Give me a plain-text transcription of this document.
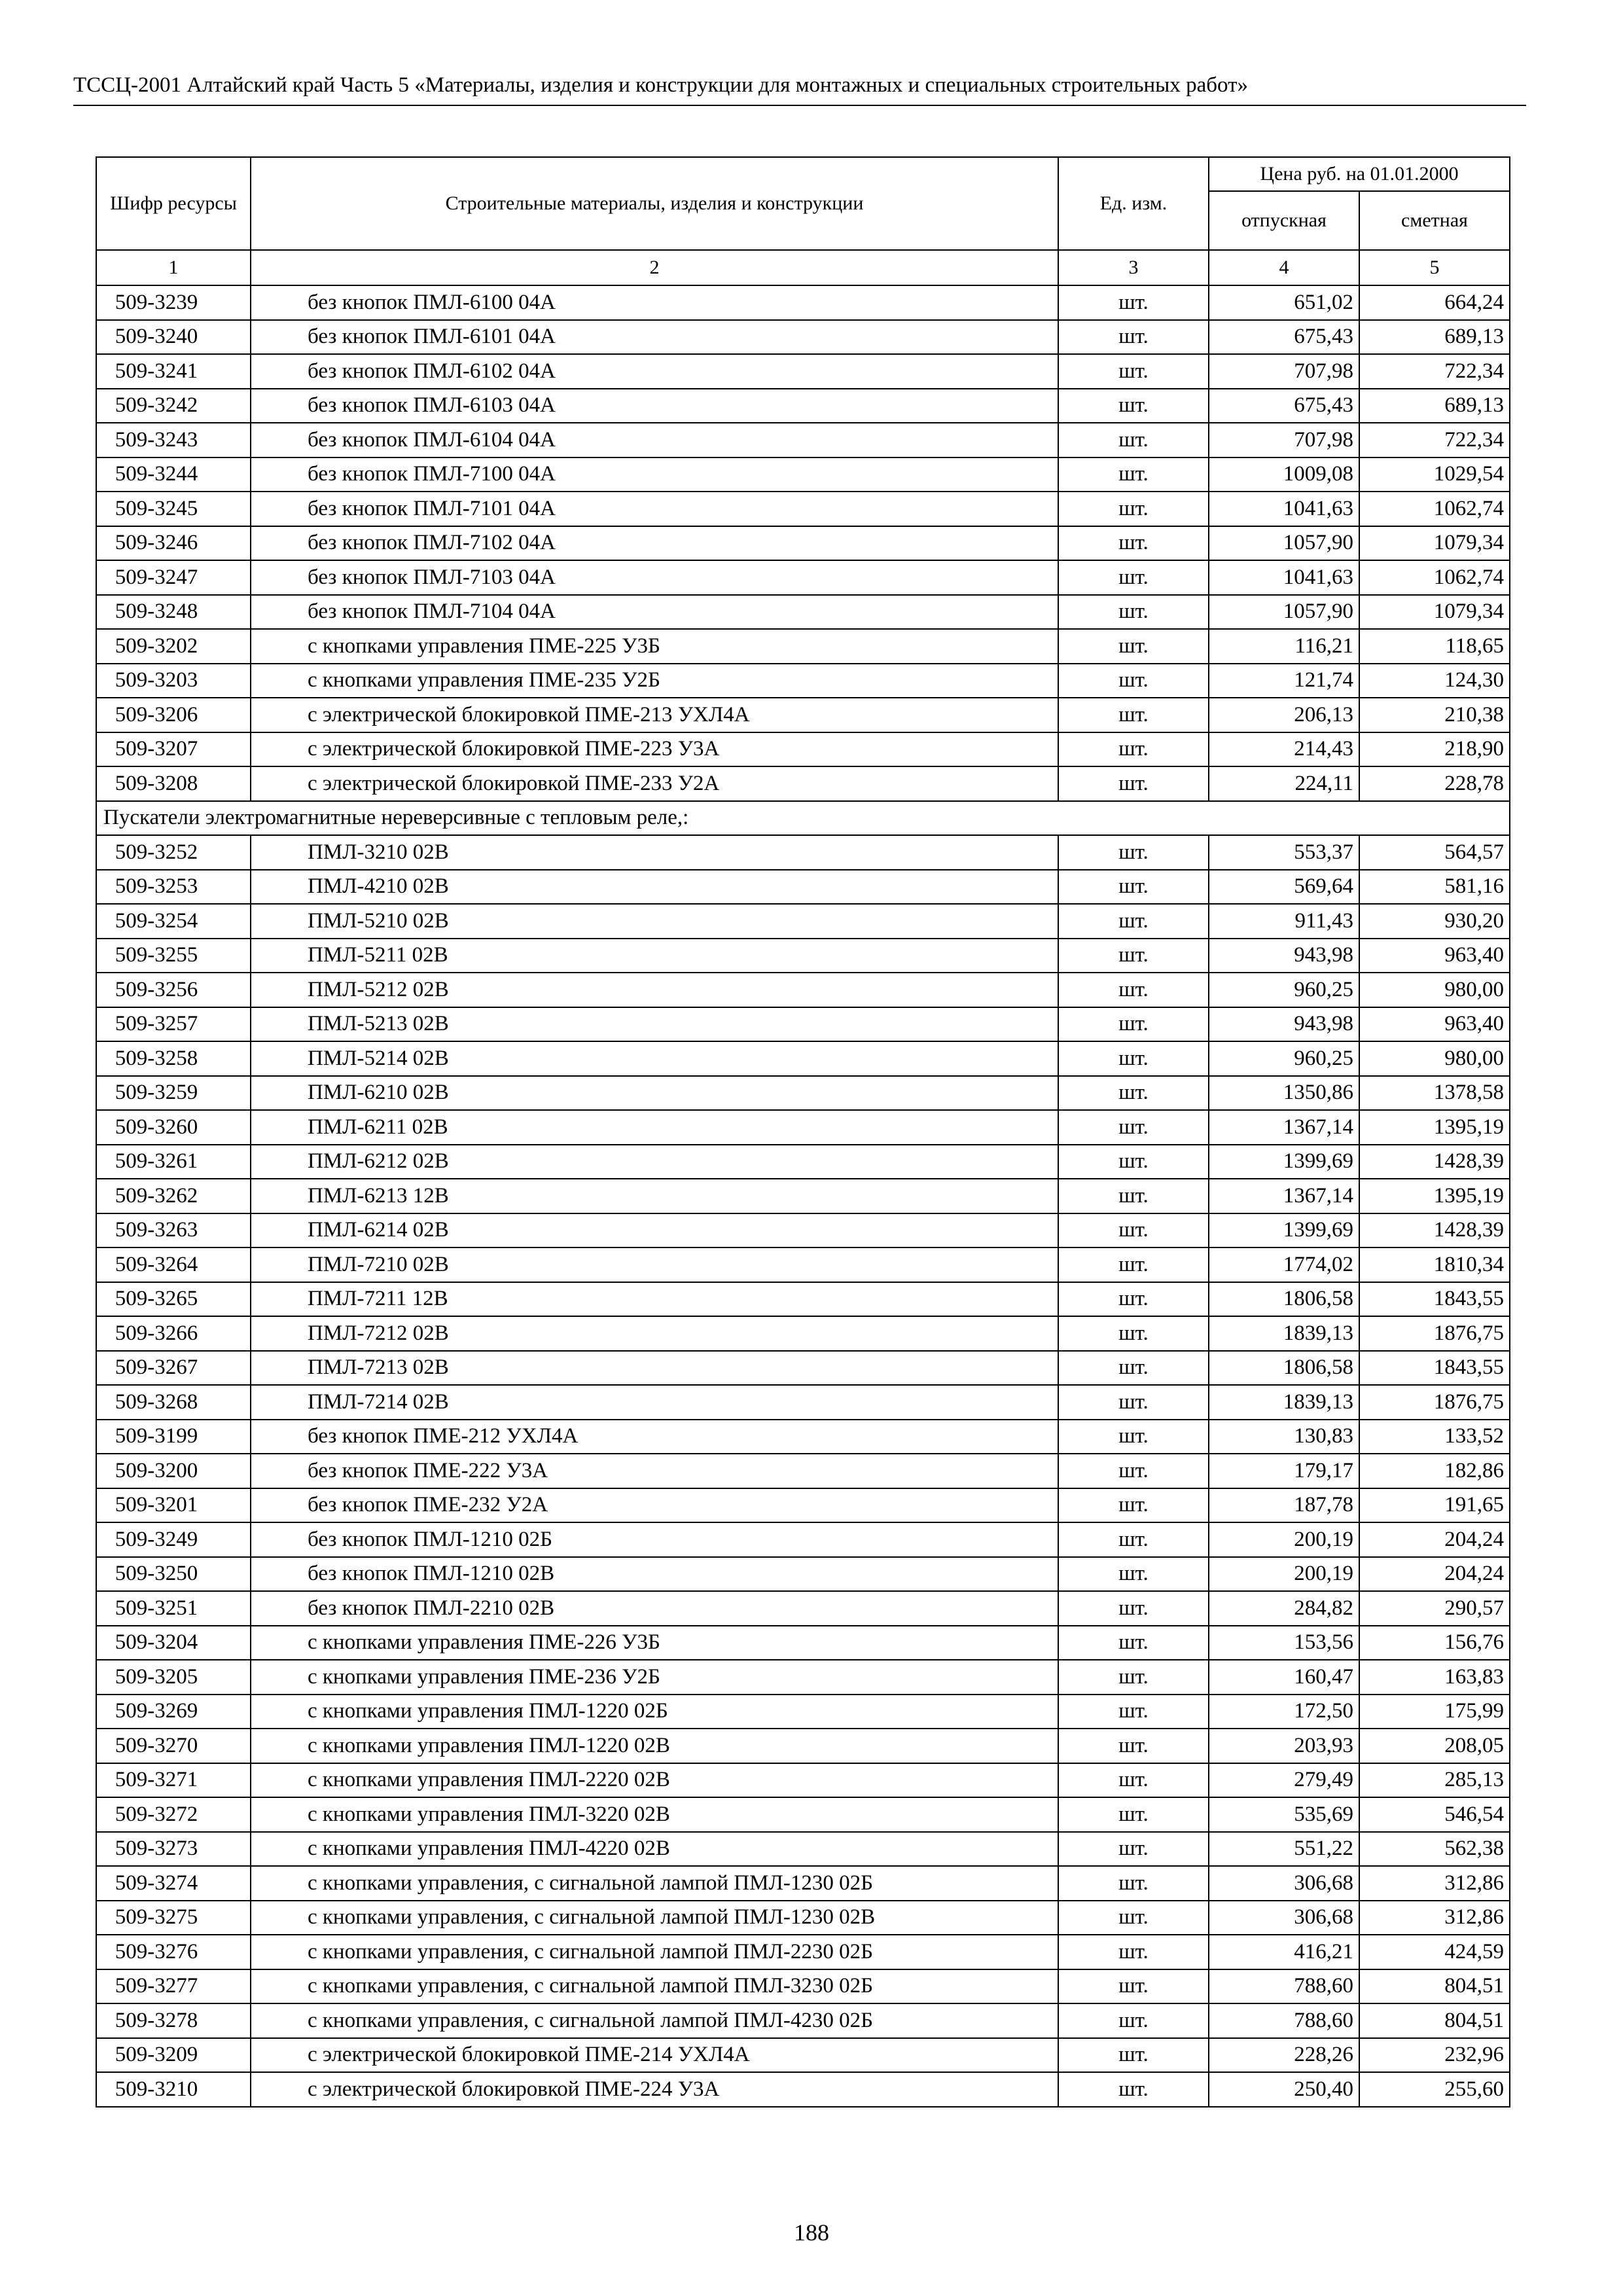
ТССЦ-2001 Алтайский край Часть 5 «Материалы, изделия и конструкции для монтажных и специальных строительных работ»
Шифр ресурсы	Строительные материалы, изделия и конструкции	Ед. изм.	Цена руб. на 01.01.2000	
			отпускная	сметная
1	2	3	4	5
509-3239	без кнопок ПМЛ-6100 04А	шт.	651,02	664,24
509-3240	без кнопок ПМЛ-6101 04А	шт.	675,43	689,13
509-3241	без кнопок ПМЛ-6102 04А	шт.	707,98	722,34
509-3242	без кнопок ПМЛ-6103 04А	шт.	675,43	689,13
509-3243	без кнопок ПМЛ-6104 04А	шт.	707,98	722,34
509-3244	без кнопок ПМЛ-7100 04А	шт.	1009,08	1029,54
509-3245	без кнопок ПМЛ-7101 04А	шт.	1041,63	1062,74
509-3246	без кнопок ПМЛ-7102 04А	шт.	1057,90	1079,34
509-3247	без кнопок ПМЛ-7103 04А	шт.	1041,63	1062,74
509-3248	без кнопок ПМЛ-7104 04А	шт.	1057,90	1079,34
509-3202	с кнопками управления ПМЕ-225 У3Б	шт.	116,21	118,65
509-3203	с кнопками управления ПМЕ-235 У2Б	шт.	121,74	124,30
509-3206	с электрической блокировкой ПМЕ-213 УХЛ4А	шт.	206,13	210,38
509-3207	с электрической блокировкой ПМЕ-223 У3А	шт.	214,43	218,90
509-3208	с электрической блокировкой ПМЕ-233 У2А	шт.	224,11	228,78
Пускатели электромагнитные нереверсивные с тепловым реле,:				
509-3252	ПМЛ-3210 02В	шт.	553,37	564,57
509-3253	ПМЛ-4210 02В	шт.	569,64	581,16
509-3254	ПМЛ-5210 02В	шт.	911,43	930,20
509-3255	ПМЛ-5211 02В	шт.	943,98	963,40
509-3256	ПМЛ-5212 02В	шт.	960,25	980,00
509-3257	ПМЛ-5213 02В	шт.	943,98	963,40
509-3258	ПМЛ-5214 02В	шт.	960,25	980,00
509-3259	ПМЛ-6210 02В	шт.	1350,86	1378,58
509-3260	ПМЛ-6211 02В	шт.	1367,14	1395,19
509-3261	ПМЛ-6212 02В	шт.	1399,69	1428,39
509-3262	ПМЛ-6213 12В	шт.	1367,14	1395,19
509-3263	ПМЛ-6214 02В	шт.	1399,69	1428,39
509-3264	ПМЛ-7210 02В	шт.	1774,02	1810,34
509-3265	ПМЛ-7211 12В	шт.	1806,58	1843,55
509-3266	ПМЛ-7212 02В	шт.	1839,13	1876,75
509-3267	ПМЛ-7213 02В	шт.	1806,58	1843,55
509-3268	ПМЛ-7214 02В	шт.	1839,13	1876,75
509-3199	без кнопок ПМЕ-212 УХЛ4А	шт.	130,83	133,52
509-3200	без кнопок ПМЕ-222 У3А	шт.	179,17	182,86
509-3201	без кнопок ПМЕ-232 У2А	шт.	187,78	191,65
509-3249	без кнопок ПМЛ-1210 02Б	шт.	200,19	204,24
509-3250	без кнопок ПМЛ-1210 02В	шт.	200,19	204,24
509-3251	без кнопок ПМЛ-2210 02В	шт.	284,82	290,57
509-3204	с кнопками управления ПМЕ-226 У3Б	шт.	153,56	156,76
509-3205	с кнопками управления ПМЕ-236 У2Б	шт.	160,47	163,83
509-3269	с кнопками управления ПМЛ-1220 02Б	шт.	172,50	175,99
509-3270	с кнопками управления ПМЛ-1220 02В	шт.	203,93	208,05
509-3271	с кнопками управления ПМЛ-2220 02В	шт.	279,49	285,13
509-3272	с кнопками управления ПМЛ-3220 02В	шт.	535,69	546,54
509-3273	с кнопками управления ПМЛ-4220 02В	шт.	551,22	562,38
509-3274	с кнопками управления, с сигнальной лампой ПМЛ-1230 02Б	шт.	306,68	312,86
509-3275	с кнопками управления, с сигнальной лампой ПМЛ-1230 02В	шт.	306,68	312,86
509-3276	с кнопками управления, с сигнальной лампой ПМЛ-2230 02Б	шт.	416,21	424,59
509-3277	с кнопками управления, с сигнальной лампой ПМЛ-3230 02Б	шт.	788,60	804,51
509-3278	с кнопками управления, с сигнальной лампой ПМЛ-4230 02Б	шт.	788,60	804,51
509-3209	с электрической блокировкой ПМЕ-214 УХЛ4А	шт.	228,26	232,96
509-3210	с электрической блокировкой ПМЕ-224 У3А	шт.	250,40	255,60
188
